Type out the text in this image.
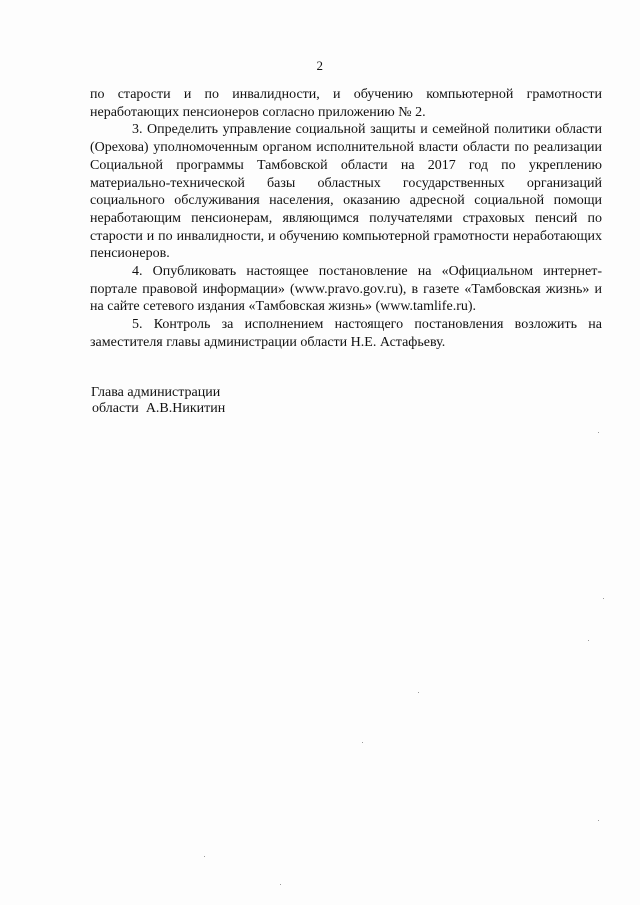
2

по старости и по инвалидности, и обучению компьютерной грамотности неработающих пенсионеров согласно приложению № 2.

3. Определить управление социальной защиты и семейной политики области (Орехова) уполномоченным органом исполнительной власти области по реализации Социальной программы Тамбовской области на 2017 год по укреплению материально-технической базы областных государственных организаций социального обслуживания населения, оказанию адресной социальной помощи неработающим пенсионерам, являющимся получателями страховых пенсий по старости и по инвалидности, и обучению компьютерной грамотности неработающих пенсионеров.

4. Опубликовать настоящее постановление на «Официальном интернет-портале правовой информации» (www.pravo.gov.ru), в газете «Тамбовская жизнь» и на сайте сетевого издания «Тамбовская жизнь» (www.tamlife.ru).

5. Контроль за исполнением настоящего постановления возложить на заместителя главы администрации области Н.Е. Астафьеву.

Глава администрации
области А.В.Никитин
